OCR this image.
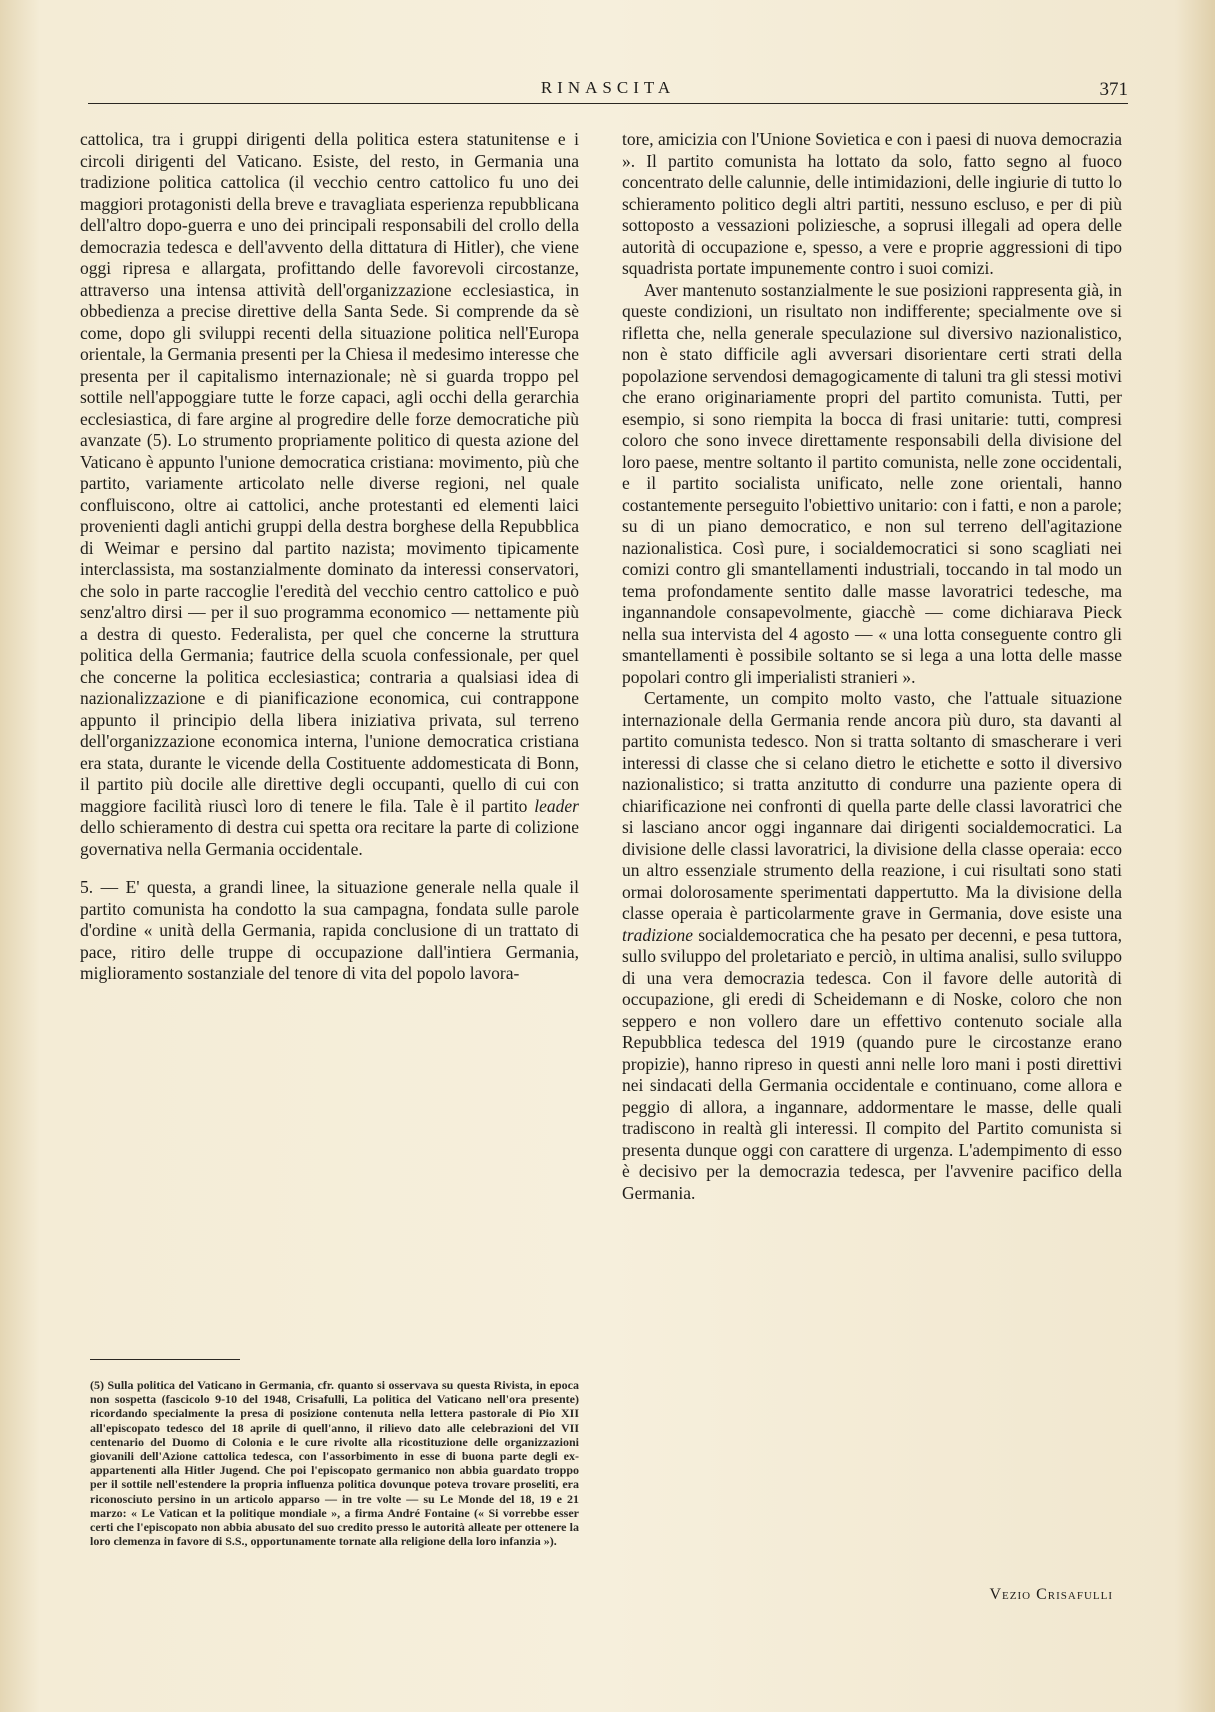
RINASCITA	371

cattolica, tra i gruppi dirigenti della politica estera statunitense e i circoli dirigenti del Vaticano. Esiste, del resto, in Germania una tradizione politica cattolica (il vecchio centro cattolico fu uno dei maggiori protagonisti della breve e travagliata esperienza repubblicana dell'altro dopo-guerra e uno dei principali responsabili del crollo della democrazia tedesca e dell'avvento della dittatura di Hitler), che viene oggi ripresa e allargata, profittando delle favorevoli circostanze, attraverso una intensa attività dell'organizzazione ecclesiastica, in obbedienza a precise direttive della Santa Sede. Si comprende da sè come, dopo gli sviluppi recenti della situazione politica nell'Europa orientale, la Germania presenti per la Chiesa il medesimo interesse che presenta per il capitalismo internazionale; nè si guarda troppo pel sottile nell'appoggiare tutte le forze capaci, agli occhi della gerarchia ecclesiastica, di fare argine al progredire delle forze democratiche più avanzate (5). Lo strumento propriamente politico di questa azione del Vaticano è appunto l'unione democratica cristiana: movimento, più che partito, variamente articolato nelle diverse regioni, nel quale confluiscono, oltre ai cattolici, anche protestanti ed elementi laici provenienti dagli antichi gruppi della destra borghese della Repubblica di Weimar e persino dal partito nazista; movimento tipicamente interclassista, ma sostanzialmente dominato da interessi conservatori, che solo in parte raccoglie l'eredità del vecchio centro cattolico e può senz'altro dirsi — per il suo programma economico — nettamente più a destra di questo. Federalista, per quel che concerne la struttura politica della Germania; fautrice della scuola confessionale, per quel che concerne la politica ecclesiastica; contraria a qualsiasi idea di nazionalizzazione e di pianificazione economica, cui contrappone appunto il principio della libera iniziativa privata, sul terreno dell'organizzazione economica interna, l'unione democratica cristiana era stata, durante le vicende della Costituente addomesticata di Bonn, il partito più docile alle direttive degli occupanti, quello di cui con maggiore facilità riuscì loro di tenere le fila. Tale è il partito leader dello schieramento di destra cui spetta ora recitare la parte di colizione governativa nella Germania occidentale.

5. — E' questa, a grandi linee, la situazione generale nella quale il partito comunista ha condotto la sua campagna, fondata sulle parole d'ordine « unità della Germania, rapida conclusione di un trattato di pace, ritiro delle truppe di occupazione dall'intiera Germania, miglioramento sostanziale del tenore di vita del popolo lavora-

tore, amicizia con l'Unione Sovietica e con i paesi di nuova democrazia ». Il partito comunista ha lottato da solo, fatto segno al fuoco concentrato delle calunnie, delle intimidazioni, delle ingiurie di tutto lo schieramento politico degli altri partiti, nessuno escluso, e per di più sottoposto a vessazioni poliziesche, a soprusi illegali ad opera delle autorità di occupazione e, spesso, a vere e proprie aggressioni di tipo squadrista portate impunemente contro i suoi comizi.

Aver mantenuto sostanzialmente le sue posizioni rappresenta già, in queste condizioni, un risultato non indifferente; specialmente ove si rifletta che, nella generale speculazione sul diversivo nazionalistico, non è stato difficile agli avversari disorientare certi strati della popolazione servendosi demagogicamente di taluni tra gli stessi motivi che erano originariamente propri del partito comunista. Tutti, per esempio, si sono riempita la bocca di frasi unitarie: tutti, compresi coloro che sono invece direttamente responsabili della divisione del loro paese, mentre soltanto il partito comunista, nelle zone occidentali, e il partito socialista unificato, nelle zone orientali, hanno costantemente perseguito l'obiettivo unitario: con i fatti, e non a parole; su di un piano democratico, e non sul terreno dell'agitazione nazionalistica. Così pure, i socialdemocratici si sono scagliati nei comizi contro gli smantellamenti industriali, toccando in tal modo un tema profondamente sentito dalle masse lavoratrici tedesche, ma ingannandole consapevolmente, giacchè — come dichiarava Pieck nella sua intervista del 4 agosto — « una lotta conseguente contro gli smantellamenti è possibile soltanto se si lega a una lotta delle masse popolari contro gli imperialisti stranieri ».

Certamente, un compito molto vasto, che l'attuale situazione internazionale della Germania rende ancora più duro, sta davanti al partito comunista tedesco. Non si tratta soltanto di smascherare i veri interessi di classe che si celano dietro le etichette e sotto il diversivo nazionalistico; si tratta anzitutto di condurre una paziente opera di chiarificazione nei confronti di quella parte delle classi lavoratrici che si lasciano ancor oggi ingannare dai dirigenti socialdemocratici. La divisione delle classi lavoratrici, la divisione della classe operaia: ecco un altro essenziale strumento della reazione, i cui risultati sono stati ormai dolorosamente sperimentati dappertutto. Ma la divisione della classe operaia è particolarmente grave in Germania, dove esiste una tradizione socialdemocratica che ha pesato per decenni, e pesa tuttora, sullo sviluppo del proletariato e perciò, in ultima analisi, sullo sviluppo di una vera democrazia tedesca. Con il favore delle autorità di occupazione, gli eredi di Scheidemann e di Noske, coloro che non seppero e non vollero dare un effettivo contenuto sociale alla Repubblica tedesca del 1919 (quando pure le circostanze erano propizie), hanno ripreso in questi anni nelle loro mani i posti direttivi nei sindacati della Germania occidentale e continuano, come allora e peggio di allora, a ingannare, addormentare le masse, delle quali tradiscono in realtà gli interessi. Il compito del Partito comunista si presenta dunque oggi con carattere di urgenza. L'adempimento di esso è decisivo per la democrazia tedesca, per l'avvenire pacifico della Germania.

Vezio Crisafulli
(5) Sulla politica del Vaticano in Germania, cfr. quanto si osservava su questa Rivista, in epoca non sospetta (fascicolo 9-10 del 1948, Crisafulli, La politica del Vaticano nell'ora presente) ricordando specialmente la presa di posizione contenuta nella lettera pastorale di Pio XII all'episcopato tedesco del 18 aprile di quell'anno, il rilievo dato alle celebrazioni del VII centenario del Duomo di Colonia e le cure rivolte alla ricostituzione delle organizzazioni giovanili dell'Azione cattolica tedesca, con l'assorbimento in esse di buona parte degli ex-appartenenti alla Hitler Jugend. Che poi l'episcopato germanico non abbia guardato troppo per il sottile nell'estendere la propria influenza politica dovunque poteva trovare proseliti, era riconosciuto persino in un articolo apparso — in tre volte — su Le Monde del 18, 19 e 21 marzo: « Le Vatican et la politique mondiale », a firma André Fontaine (« Si vorrebbe esser certi che l'episcopato non abbia abusato del suo credito presso le autorità alleate per ottenere la loro clemenza in favore di S.S., opportunamente tornate alla religione della loro infanzia »).
